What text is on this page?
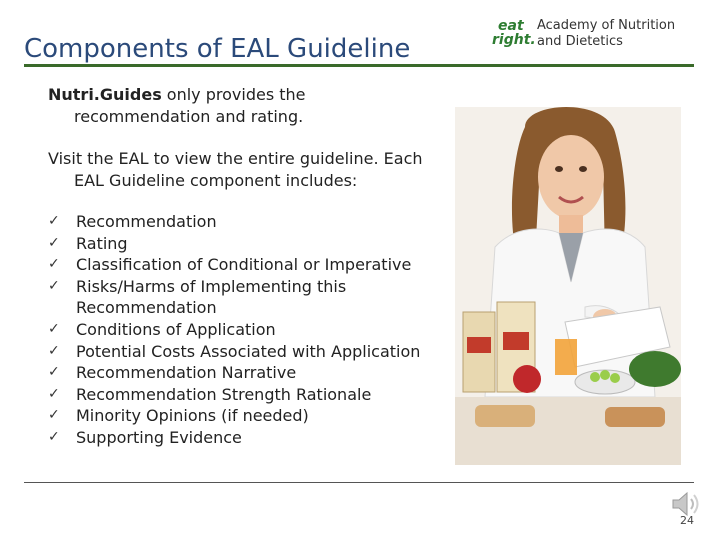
Components of EAL Guideline
eat
right.
Academy of Nutrition
and Dietetics
Nutri.Guides only provides the
recommendation and rating.
Visit the EAL to view the entire guideline. Each
EAL Guideline component includes:
✓ Recommendation
✓ Rating
✓ Classification of Conditional or Imperative
✓ Risks/Harms of Implementing this Recommendation
✓ Conditions of Application
✓ Potential Costs Associated with Application
✓ Recommendation Narrative
✓ Recommendation Strength Rationale
✓ Minority Opinions (if needed)
✓ Supporting Evidence
24
